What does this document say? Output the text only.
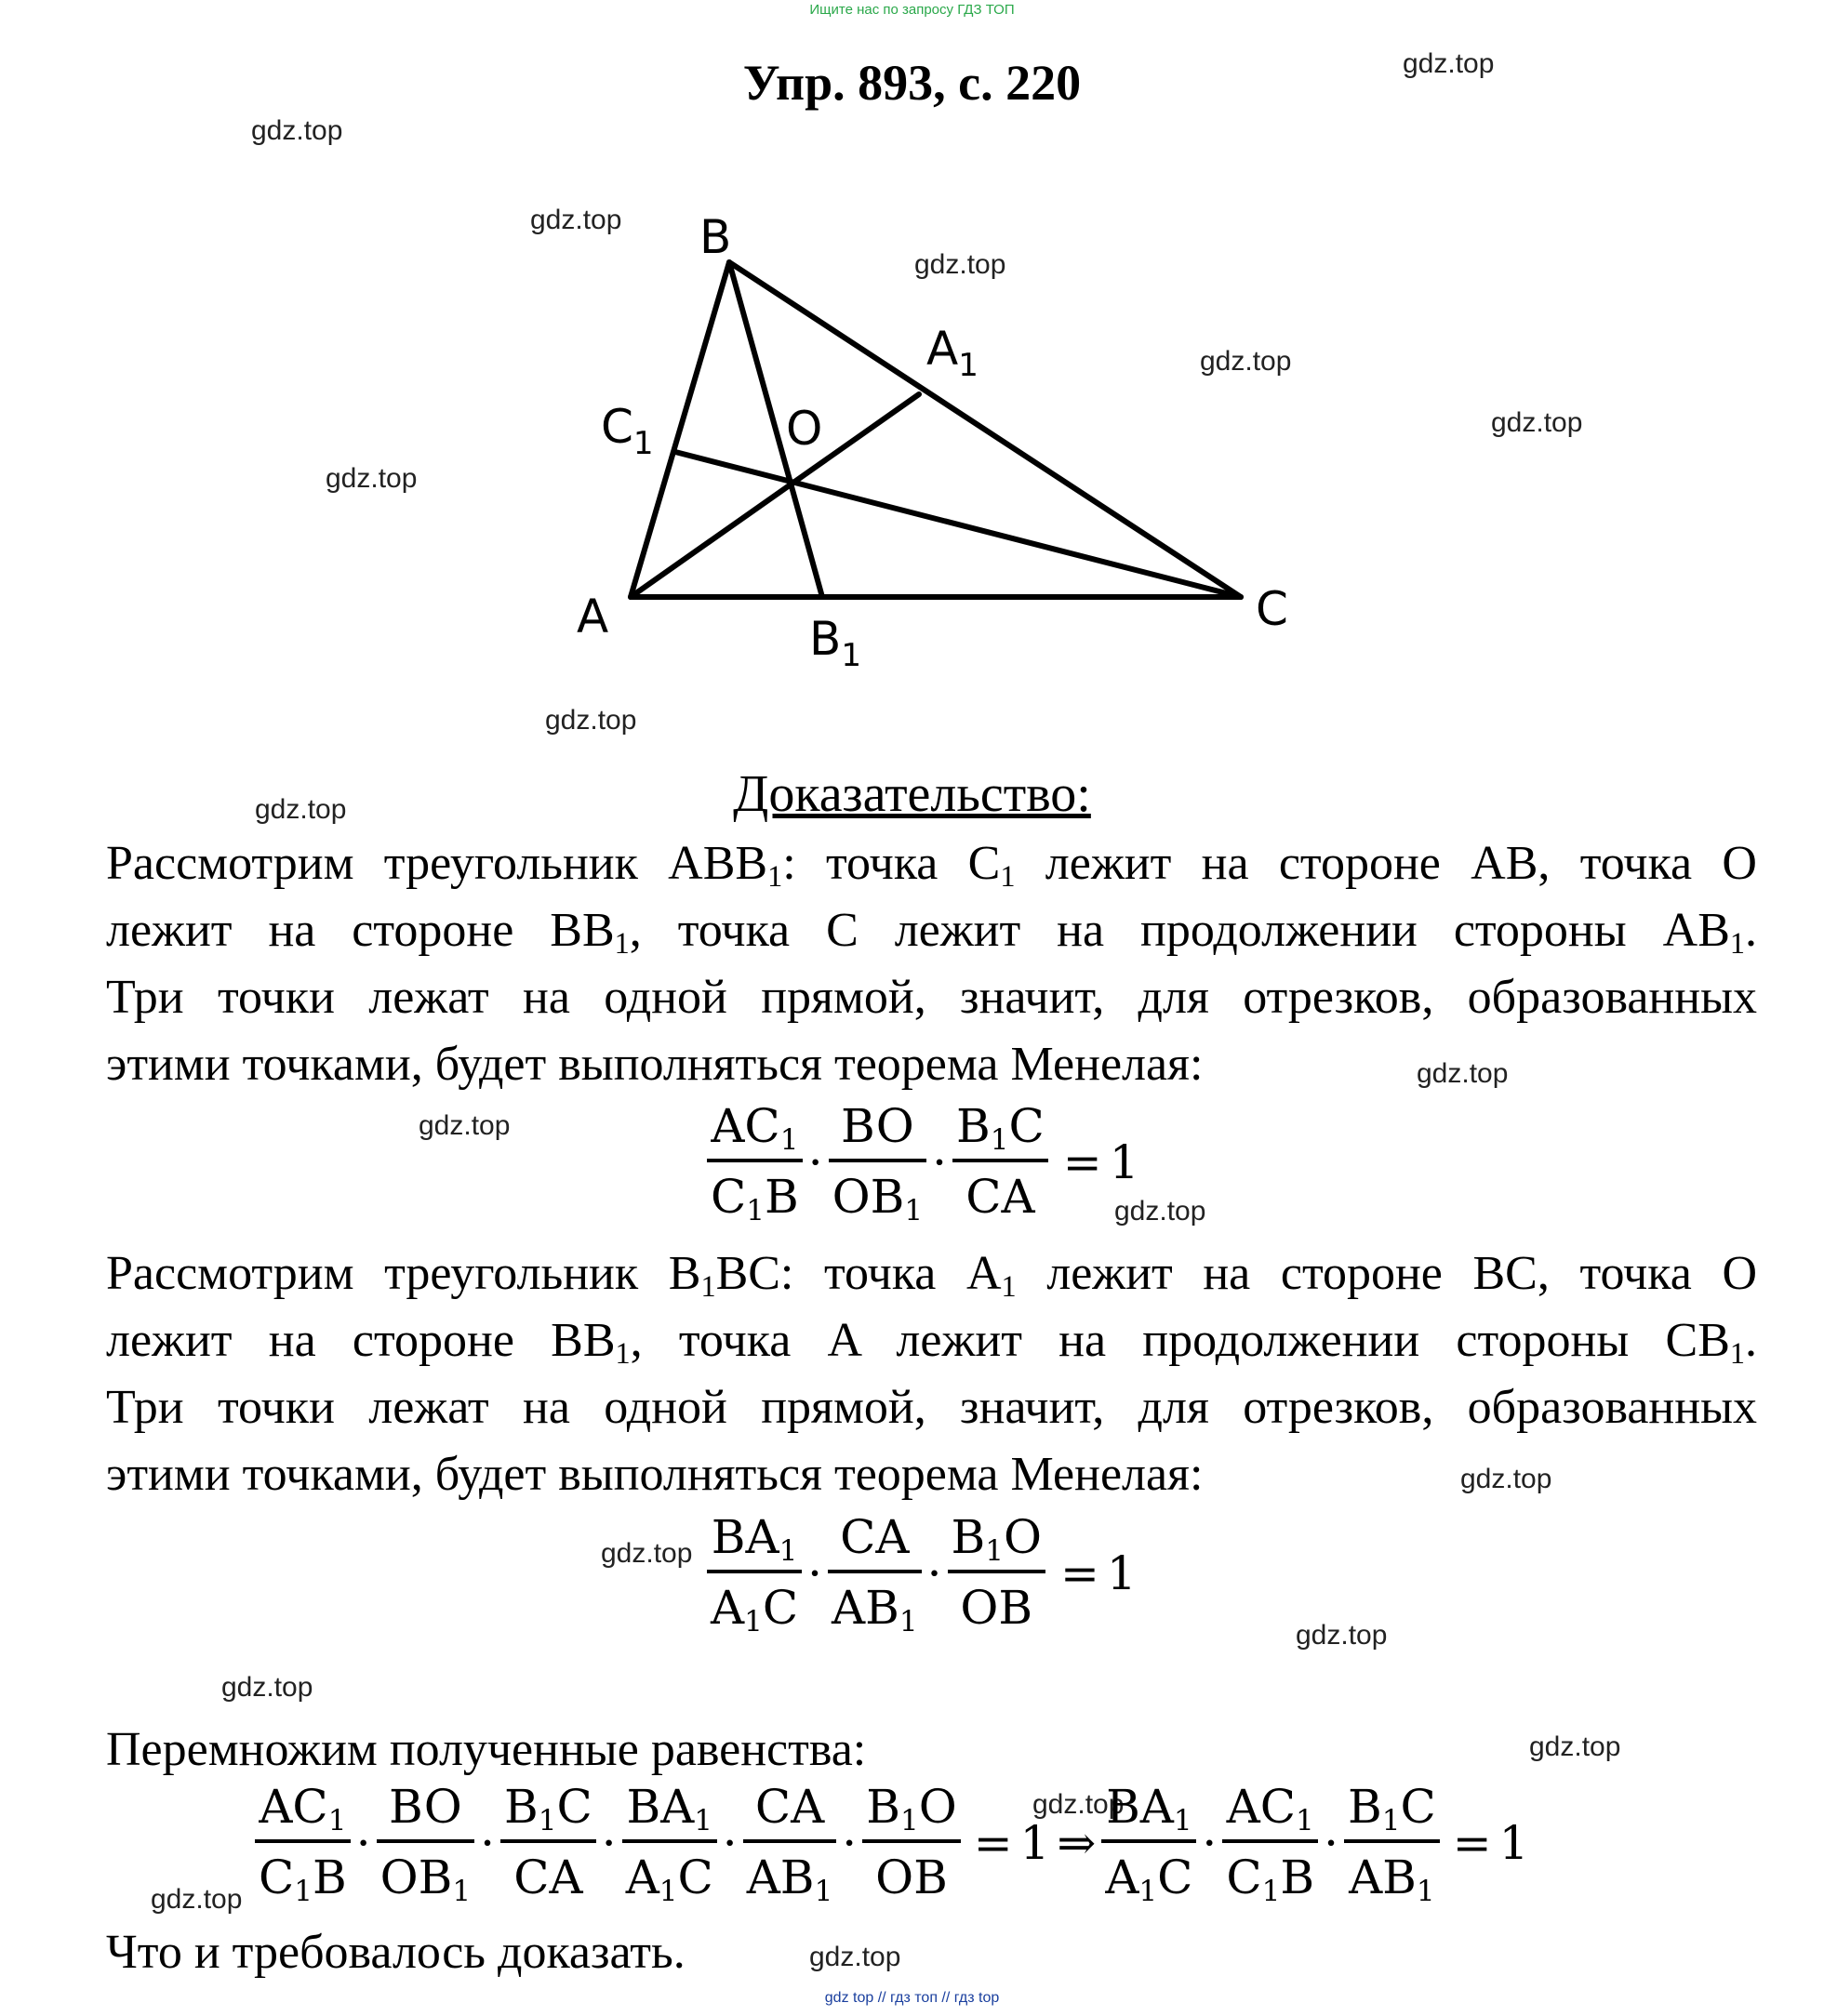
Ищите нас по запросу ГДЗ ТОП
Упр. 893, с. 220	gdz.top
gdz.top
gdz.top
gdz.top
gdz.top
gdz.top
gdz.top
gdz.top
gdz.top
gdz.top
gdz.top
gdz.top
gdz.top
gdz.top
gdz.top
gdz.top
gdz.top
gdz.top
gdz.top
gdz.top
B
A	C
O
$A_1$
$C_1$
$B_1$
Доказательство:
Рассмотрим треугольник $ABB_1$: точка $C_1$ лежит на стороне AB, точка O
лежит на стороне $BB_1$, точка C лежит на продолжении стороны $AB_1$.
Три точки лежат на одной прямой, значит, для отрезков, образованных
этими точками, будет выполняться теорема Менелая:
$\frac{AC_1}{C_1B} \cdot \frac{BO}{OB_1} \cdot \frac{B_1C}{CA} = 1$
Рассмотрим треугольник $B_1BC$: точка $A_1$ лежит на стороне BC, точка O
лежит на стороне $BB_1$, точка A лежит на продолжении стороны $CB_1$.
Три точки лежат на одной прямой, значит, для отрезков, образованных
этими точками, будет выполняться теорема Менелая:
$\frac{BA_1}{A_1C} \cdot \frac{CA}{AB_1} \cdot \frac{B_1O}{OB} = 1$
Перемножим полученные равенства:
$\frac{AC_1}{C_1B} \cdot \frac{BO}{OB_1} \cdot \frac{B_1C}{CA} \cdot \frac{BA_1}{A_1C} \cdot \frac{CA}{AB_1} \cdot \frac{B_1O}{OB} = 1$ ⇒ $\frac{BA_1}{A_1C} \cdot \frac{AC_1}{C_1B} \cdot \frac{B_1C}{AB_1} = 1$
Что и требовалось доказать.
gdz top // гдз топ // гдз top
